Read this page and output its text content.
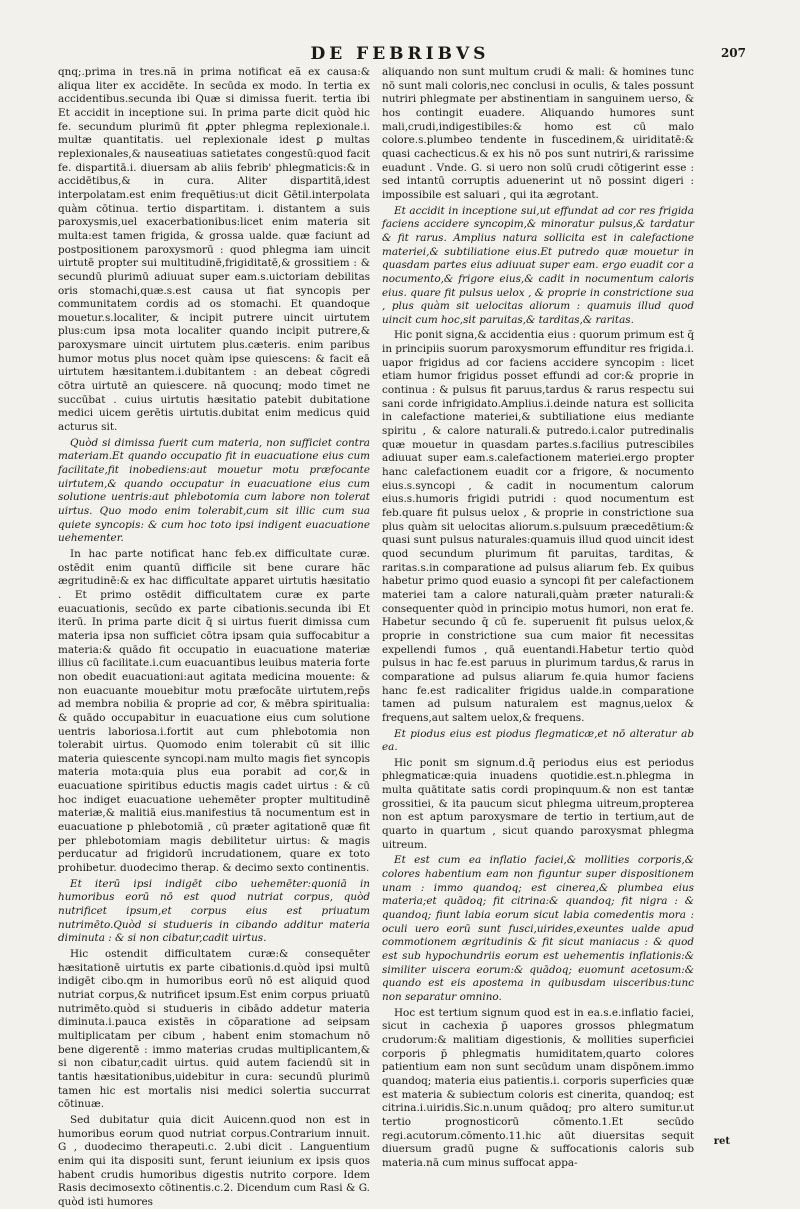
DE FEBRIBVS	207

qnq;.prima in tres.nã in prima notificat eã ex causa:& aliqua liter ex accidēte. In secūda ex modo. In tertia ex accidentibus.secunda ibi Quæ si dimissa fuerit. tertia ibi Et accidit in inceptione sui. In prima parte dicit quòd hic fe. secundum plurimū fit ꝓpter phlegma replexionale.i. multæ quantitatis. uel replexionale idest ꝑ multas replexionales,& nauseatiuas satietates congestū:quod facit fe. dispartitā.i. diuersam ab aliis febrib' phlegmaticis:& in accidētibus,& in cura. Aliter dispartitā,idest interpolatam.est enim frequētius:ut dicit Gētil.interpolata quàm cōtinua. tertio dispartitam. i. distantem a suis paroxysmis,uel exacerbationibus:licet enim materia sit multa:est tamen frigida, & grossa ualde. quæ faciunt ad postpositionem paroxysmorū : quod phlegma iam uincit uirtutē propter sui multitudinē,frigiditatē,& grossitiem : & secundū plurimū adiuuat super eam.s.uictoriam debilitas oris stomachi,quæ.s.est causa ut fiat syncopis per communitatem cordis ad os stomachi. Et quandoque mouetur.s.localiter, & incipit putrere uincit uirtutem plus:cum ipsa mota localiter quando incipit putrere,& paroxysmare uincit uirtutem plus.cæteris. enim paribus humor motus plus nocet quàm ipse quiescens: & facit eā uirtutem hæsitantem.i.dubitantem : an debeat cōgredi cōtra uirtutē an quiescere. nā quocunq; modo timet ne succūbat . cuius uirtutis hæsitatio patebit dubitatione medici uicem gerētis uirtutis.dubitat enim medicus quid acturus sit.

Quòd si dimissa fuerit cum materia, non sufficiet contra materiam.Et quando occupatio fit in euacuatione eius cum facilitate,fit inobediens:aut mouetur motu præfocante uirtutem,& quando occupatur in euacuatione eius cum solutione uentris:aut phlebotomia cum labore non tolerat uirtus. Quo modo enim tolerabit,cum sit illic cum sua quiete syncopis: & cum hoc toto ipsi indigent euacuatione uehementer.

In hac parte notificat hanc feb.ex difficultate curæ. ostēdit enim quantū difficile sit bene curare hãc ægritudinē:& ex hac difficultate apparet uirtutis hæsitatio . Et primo ostēdit difficultatem curæ ex parte euacuationis, secūdo ex parte cibationis.secunda ibi Et iterū. In prima parte dicit q̄ si uirtus fuerit dimissa cum materia ipsa non sufficiet cōtra ipsam quia suffocabitur a materia:& quādo fit occupatio in euacuatione materiæ illius cū facilitate.i.cum euacuantibus leuibus materia forte non obedit euacuationi:aut agitata medicina mouente: & non euacuante mouebitur motu præfocāte uirtutem,rep̄s ad membra nobilia & proprie ad cor, & mēbra spiritualia: & quādo occupabitur in euacuatione eius cum solutione uentris laboriosa.i.fortit aut cum phlebotomia non tolerabit uirtus. Quomodo enim tolerabit cū sit illic materia quiescente syncopi.nam multo magis fiet syncopis materia mota:quia plus eua porabit ad cor,& in euacuatione spiritibus eductis magis cadet uirtus : & cū hoc indiget euacuatione uehemēter propter multitudinē materiæ,& malitiā eius.manifestius tā nocumentum est in euacuatione p phlebotomiā , cū præter agitationē quæ fit per phlebotomiam magis debilitetur uirtus: & magis perducatur ad frigidorū incrudationem, quare ex toto prohibetur. duodecimo therap. & decimo sexto continentis.

Et iterū ipsi indigēt cibo uehemēter:quoniā in humoribus eorū nō est quod nutriat corpus, quòd nutrificet ipsum,et corpus eius est priuatum nutrimēto.Quòd si studueris in cibando additur materia diminuta : & si non cibatur,cadit uirtus.

Hic ostendit difficultatem curæ:& consequēter hæsitationē uirtutis ex parte cibationis.d.quòd ipsi multū indigēt cibo.qm in humoribus eorū nō est aliquid quod nutriat corpus,& nutrificet ipsum.Est enim corpus priuatū nutrimēto.quòd si studueris in cibādo addetur materia diminuta.i.pauca existēs in cōparatione ad seipsam multiplicatam per cibum , habent enim stomachum nō bene digerentē : immo materias crudas multiplicantem,& si non cibatur,cadit uirtus. quid autem faciendū sit in tantis hæsitationibus,uidebitur in cura: secundū plurimū tamen hic est mortalis nisi medici solertia succurrat cōtinuæ.

Sed dubitatur quia dicit Auicenn.quod non est in humoribus eorum quod nutriat corpus.Contrarium innuit. G , duodecimo therapeuti.c. 2.ubi dicit . Languentium enim qui ita dispositi sunt, ferunt ieiunium ex ipsis quos habent crudis humoribus digestis nutrito corpore. Idem Rasis decimosexto cōtinentis.c.2. Dicendum cum Rasi & G. quòd isti humores

aliquando non sunt multum crudi & mali: & homines tunc nō sunt mali coloris,nec conclusi in oculis, & tales possunt nutriri phlegmate per abstinentiam in sanguinem uerso, & hos contingit euadere. Aliquando humores sunt mali,crudi,indigestibiles:& homo est cū malo colore.s.plumbeo tendente in fuscedinem,& uiriditatē:& quasi cachecticus.& ex his nō pos sunt nutriri,& rarissime euadunt . Vnde. G. si uero non solū crudi cōtigerint esse : sed intantū corruptis aduenerint ut nō possint digeri : impossibile est saluari , qui ita ægrotant.

Et accidit in inceptione sui,ut effundat ad cor res frigida faciens accidere syncopim,& minoratur pulsus,& tardatur & fit rarus. Amplius natura sollicita est in calefactione materiei,& subtiliatione eius.Et putredo quæ mouetur in quasdam partes eius adiuuat super eam. ergo euadit cor a nocumento,& frigore eius,& cadit in nocumentum caloris eius. quare fit pulsus uelox , & proprie in constrictione sua , plus quàm sit uelocitas aliorum : quamuis illud quod uincit cum hoc,sit paruitas,& tarditas,& raritas.

Hic ponit signa,& accidentia eius : quorum primum est q̄ in principiis suorum paroxysmorum effunditur res frigida.i. uapor frigidus ad cor faciens accidere syncopim : licet etiam humor frigidus posset effundi ad cor:& proprie in continua : & pulsus fit paruus,tardus & rarus respectu sui sani corde infrigidato.Amplius.i.deinde natura est sollicita in calefactione materiei,& subtiliatione eius mediante spiritu , & calore naturali.& putredo.i.calor putredinalis quæ mouetur in quasdam partes.s.facilius putrescibiles adiuuat super eam.s.calefactionem materiei.ergo propter hanc calefactionem euadit cor a frigore, & nocumento eius.s.syncopi , & cadit in nocumentum calorum eius.s.humoris frigidi putridi : quod nocumentum est feb.quare fit pulsus uelox , & proprie in constrictione sua plus quàm sit uelocitas aliorum.s.pulsuum præcedētium:& quasi sunt pulsus naturales:quamuis illud quod uincit idest quod secundum plurimum fit paruitas, tarditas, & raritas.s.in comparatione ad pulsus aliarum feb. Ex quibus habetur primo quod euasio a syncopi fit per calefactionem materiei tam a calore naturali,quàm præter naturali:& consequenter quòd in principio motus humori, non erat fe. Habetur secundo q̄ cū fe. superuenit fit pulsus uelox,& proprie in constrictione sua cum maior fit necessitas expellendi fumos , quā euentandi.Habetur tertio quòd pulsus in hac fe.est paruus in plurimum tardus,& rarus in comparatione ad pulsus aliarum fe.quia humor faciens hanc fe.est radicaliter frigidus ualde.in comparatione tamen ad pulsum naturalem est magnus,uelox & frequens,aut saltem uelox,& frequens.

Et piodus eius est piodus flegmaticæ,et nō alteratur ab ea.

Hic ponit sm signum.d.q̄ periodus eius est periodus phlegmaticæ:quia inuadens quotidie.est.n.phlegma in multa quātitate satis cordi propinquum.& non est tantæ grossitiei, & ita paucum sicut phlegma uitreum,propterea non est aptum paroxysmare de tertio in tertium,aut de quarto in quartum , sicut quando paroxysmat phlegma uitreum.

Et est cum ea inflatio faciei,& mollities corporis,& colores habentium eam non figuntur super dispositionem unam : immo quandoq; est cinerea,& plumbea eius materia;et quādoq; fit citrina:& quandoq; fit nigra : & quandoq; fiunt labia eorum sicut labia comedentis mora : oculi uero eorū sunt fusci,uirides,exeuntes ualde apud commotionem ægritudinis & fit sicut maniacus : & quod est sub hypochundriis eorum est uehementis inflationis:& similiter uiscera eorum:& quādoq; euomunt acetosum:& quando est eis apostema in quibusdam uisceribus:tunc non separatur omnino.

Hoc est tertium signum quod est in ea.s.e.inflatio faciei, sicut in cachexia p̄ uapores grossos phlegmatum crudorum:& malitiam digestionis, & mollities superficiei corporis p̄ phlegmatis humiditatem,quarto colores patientium eam non sunt secūdum unam dispōnem.immo quandoq; materia eius patientis.i. corporis superficies quæ est materia & subiectum coloris est cinerita, quandoq; est citrina.i.uiridis.Sic.n.unum quādoq; pro altero sumitur.ut tertio prognosticorū cōmento.1.Et secūdo regi.acutorum.cōmento.11.hic aūt diuersitas sequit diuersum gradū pugne & suffocationis caloris sub materia.nā cum minus suffocat appa-

ret
